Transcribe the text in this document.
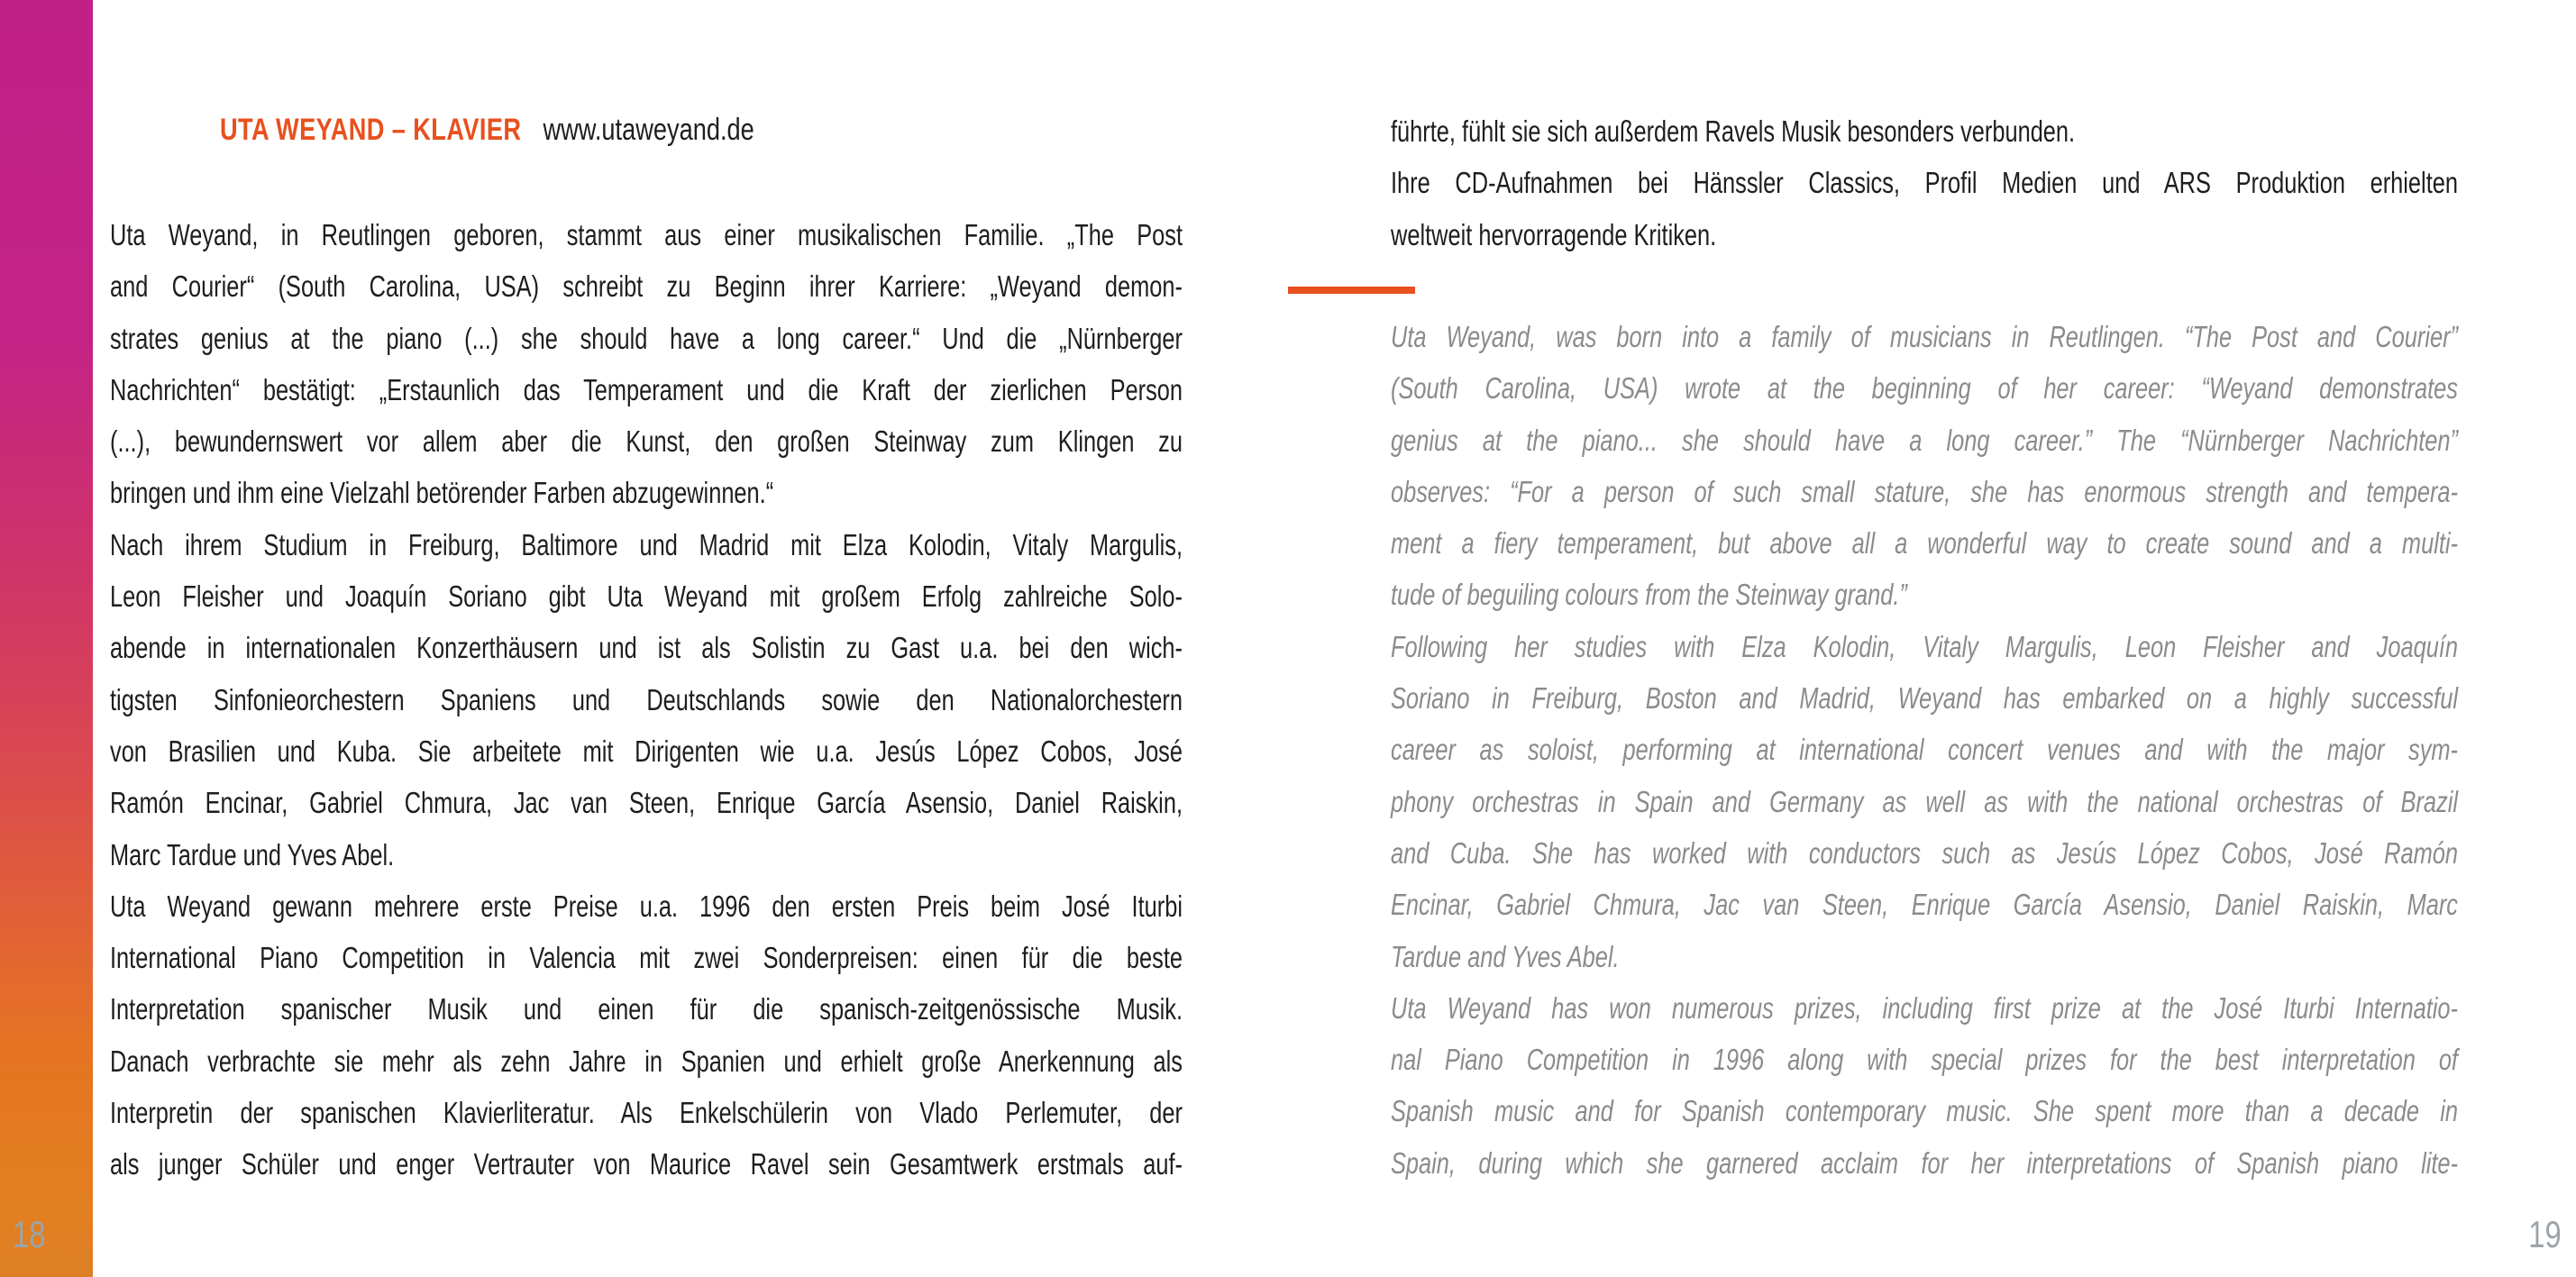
18	19
UTA WEYAND – KLAVIER www.utaweyand.de
Uta Weyand, in Reutlingen geboren, stammt aus einer musikalischen Familie. „The Post
and Courier“ (South Carolina, USA) schreibt zu Beginn ihrer Karriere: „Weyand demon-
strates genius at the piano (...) she should have a long career.“ Und die „Nürnberger
Nachrichten“ bestätigt: „Erstaunlich das Temperament und die Kraft der zierlichen Person
(...), bewundernswert vor allem aber die Kunst, den großen Steinway zum Klingen zu
bringen und ihm eine Vielzahl betörender Farben abzugewinnen.“
Nach ihrem Studium in Freiburg, Baltimore und Madrid mit Elza Kolodin, Vitaly Margulis,
Leon Fleisher und Joaquín Soriano gibt Uta Weyand mit großem Erfolg zahlreiche Solo-
abende in internationalen Konzerthäusern und ist als Solistin zu Gast u.a. bei den wich-
tigsten Sinfonieorchestern Spaniens und Deutschlands sowie den Nationalorchestern
von Brasilien und Kuba. Sie arbeitete mit Dirigenten wie u.a. Jesús López Cobos, José
Ramón Encinar, Gabriel Chmura, Jac van Steen, Enrique García Asensio, Daniel Raiskin,
Marc Tardue und Yves Abel.
Uta Weyand gewann mehrere erste Preise u.a. 1996 den ersten Preis beim José Iturbi
International Piano Competition in Valencia mit zwei Sonderpreisen: einen für die beste
Interpretation spanischer Musik und einen für die spanisch-zeitgenössische Musik.
Danach verbrachte sie mehr als zehn Jahre in Spanien und erhielt große Anerkennung als
Interpretin der spanischen Klavierliteratur. Als Enkelschülerin von Vlado Perlemuter, der
als junger Schüler und enger Vertrauter von Maurice Ravel sein Gesamtwerk erstmals auf-
führte, fühlt sie sich außerdem Ravels Musik besonders verbunden.
Ihre CD-Aufnahmen bei Hänssler Classics, Profil Medien und ARS Produktion erhielten
weltweit hervorragende Kritiken.
Uta Weyand, was born into a family of musicians in Reutlingen. “The Post and Courier”
(South Carolina, USA) wrote at the beginning of her career: “Weyand demonstrates
genius at the piano... she should have a long career.” The “Nürnberger Nachrichten”
observes: “For a person of such small stature, she has enormous strength and tempera-
ment a fiery temperament, but above all a wonderful way to create sound and a multi-
tude of beguiling colours from the Steinway grand.”
Following her studies with Elza Kolodin, Vitaly Margulis, Leon Fleisher and Joaquín
Soriano in Freiburg, Boston and Madrid, Weyand has embarked on a highly successful
career as soloist, performing at international concert venues and with the major sym-
phony orchestras in Spain and Germany as well as with the national orchestras of Brazil
and Cuba. She has worked with conductors such as Jesús López Cobos, José Ramón
Encinar, Gabriel Chmura, Jac van Steen, Enrique García Asensio, Daniel Raiskin, Marc
Tardue and Yves Abel.
Uta Weyand has won numerous prizes, including first prize at the José Iturbi Internatio-
nal Piano Competition in 1996 along with special prizes for the best interpretation of
Spanish music and for Spanish contemporary music. She spent more than a decade in
Spain, during which she garnered acclaim for her interpretations of Spanish piano lite-
